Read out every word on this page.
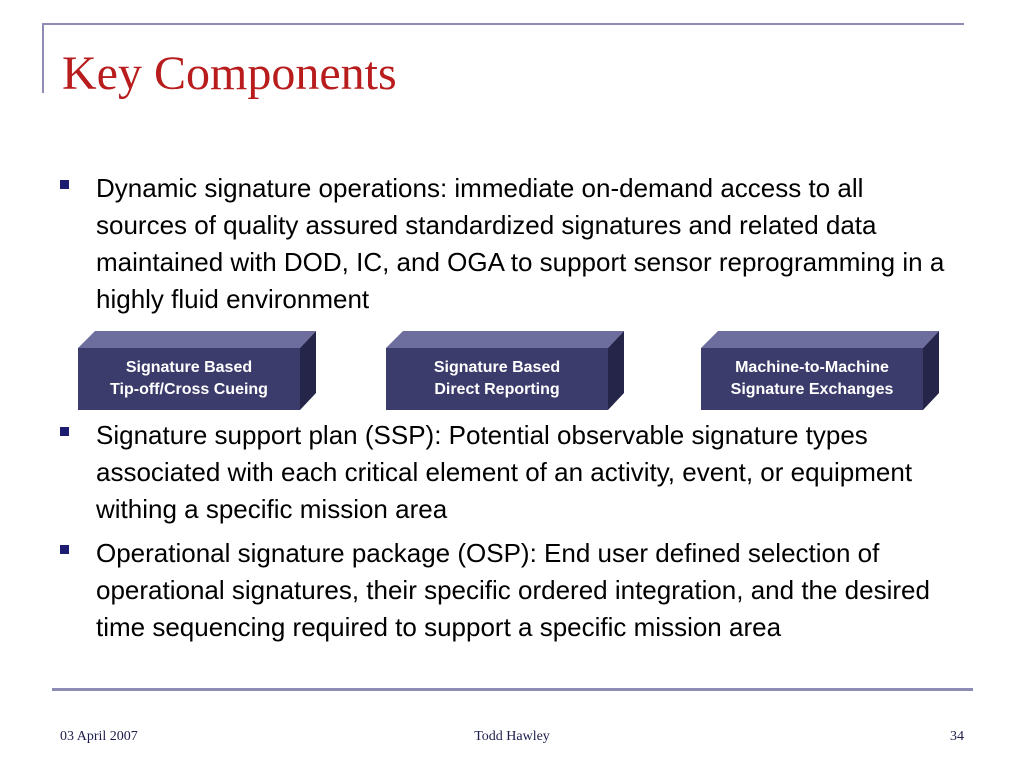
Key Components

Dynamic signature operations: immediate on-demand access to all sources of quality assured standardized signatures and related data maintained with DOD, IC, and OGA to support sensor reprogramming in a highly fluid environment

Signature Based
Tip-off/Cross Cueing
Signature Based
Direct Reporting
Machine-to-Machine
Signature Exchanges

Signature support plan (SSP): Potential observable signature types associated with each critical element of an activity, event, or equipment withing a specific mission area

Operational signature package (OSP): End user defined selection of operational signatures, their specific ordered integration, and the desired time sequencing required to support a specific mission area

03 April 2007	Todd Hawley	34
